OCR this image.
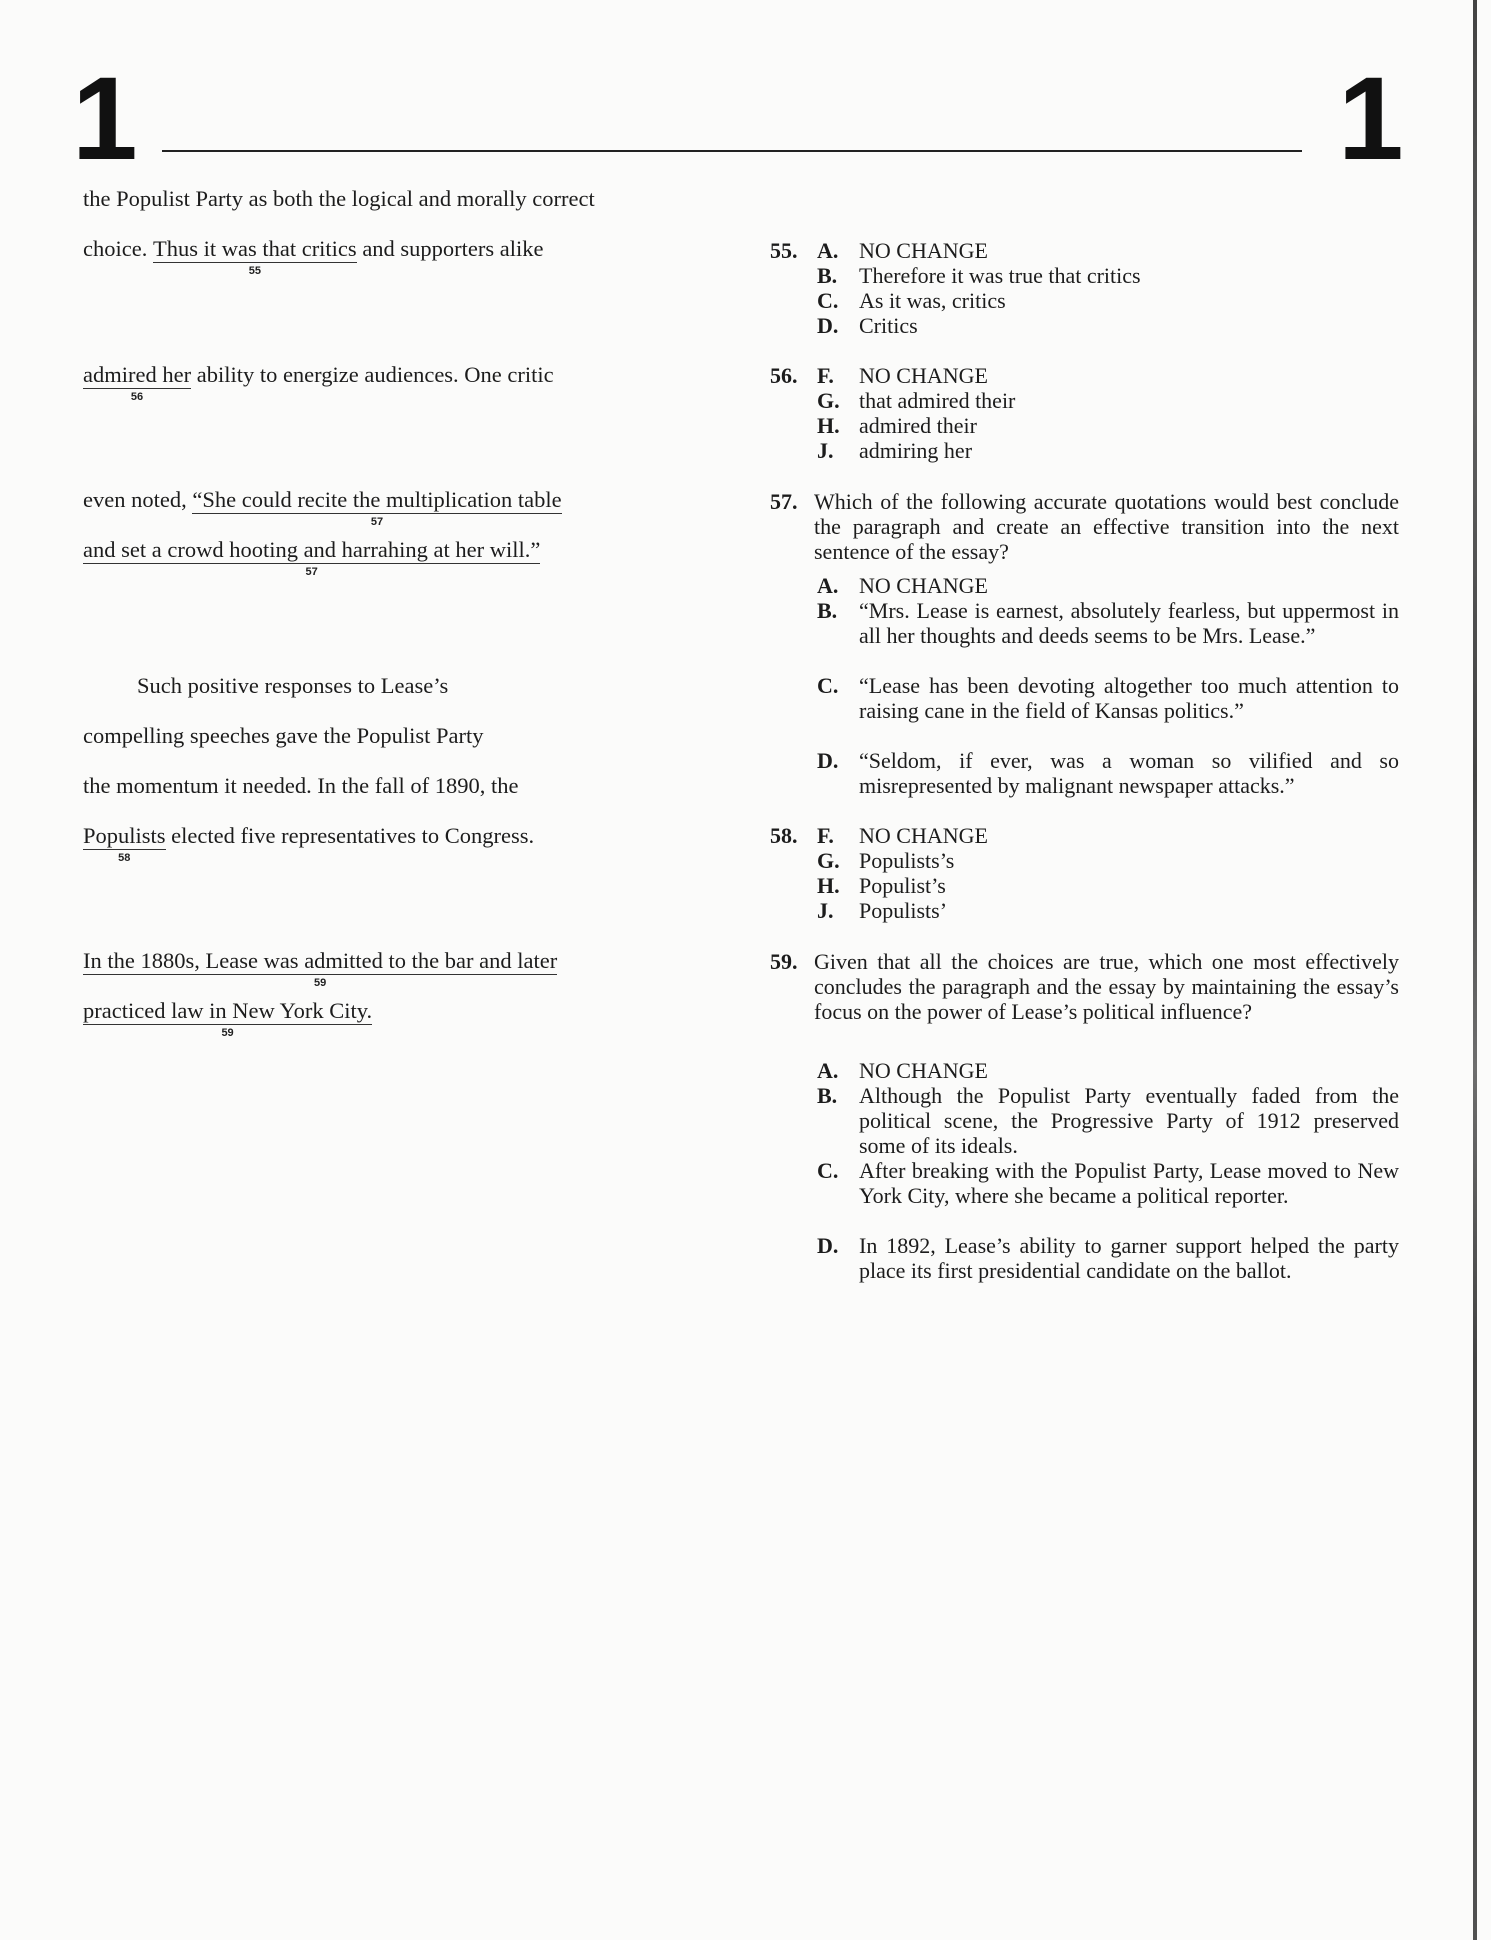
1	1
the Populist Party as both the logical and morally correct
choice. Thus it was that critics
55
and supporters alike
admired her
56
ability to energize audiences. One critic
even noted, “She could recite the multiplication table
57
and set a crowd hooting and harrahing at her will.”
57
Such positive responses to Lease’s
compelling speeches gave the Populist Party
the momentum it needed. In the fall of 1890, the
Populists
58
elected five representatives to Congress.
In the 1880s, Lease was admitted to the bar and later
59
practiced law in New York City.
59
55. A. NO CHANGE
B. Therefore it was true that critics
C. As it was, critics
D. Critics
56. F.	NO CHANGE
G. that admired their
H. admired their
J.	admiring her
57. Which of the following accurate quotations would best conclude the paragraph and create an effective transition into the next sentence of the essay?
A. NO CHANGE
B. “Mrs. Lease is earnest, absolutely fearless, but uppermost in all her thoughts and deeds seems to be Mrs. Lease.”
C. “Lease has been devoting altogether too much attention to raising cane in the field of Kansas politics.”
D. “Seldom, if ever, was a woman so vilified and so misrepresented by malignant newspaper attacks.”
58. F.	NO CHANGE
G. Populists’s
H. Populist’s
J.	Populists’
59. Given that all the choices are true, which one most effectively concludes the paragraph and the essay by maintaining the essay’s focus on the power of Lease’s political influence?
A. NO CHANGE
B. Although the Populist Party eventually faded from the political scene, the Progressive Party of 1912 preserved some of its ideals.
C. After breaking with the Populist Party, Lease moved to New York City, where she became a political reporter.
D. In 1892, Lease’s ability to garner support helped the party place its first presidential candidate on the ballot.
